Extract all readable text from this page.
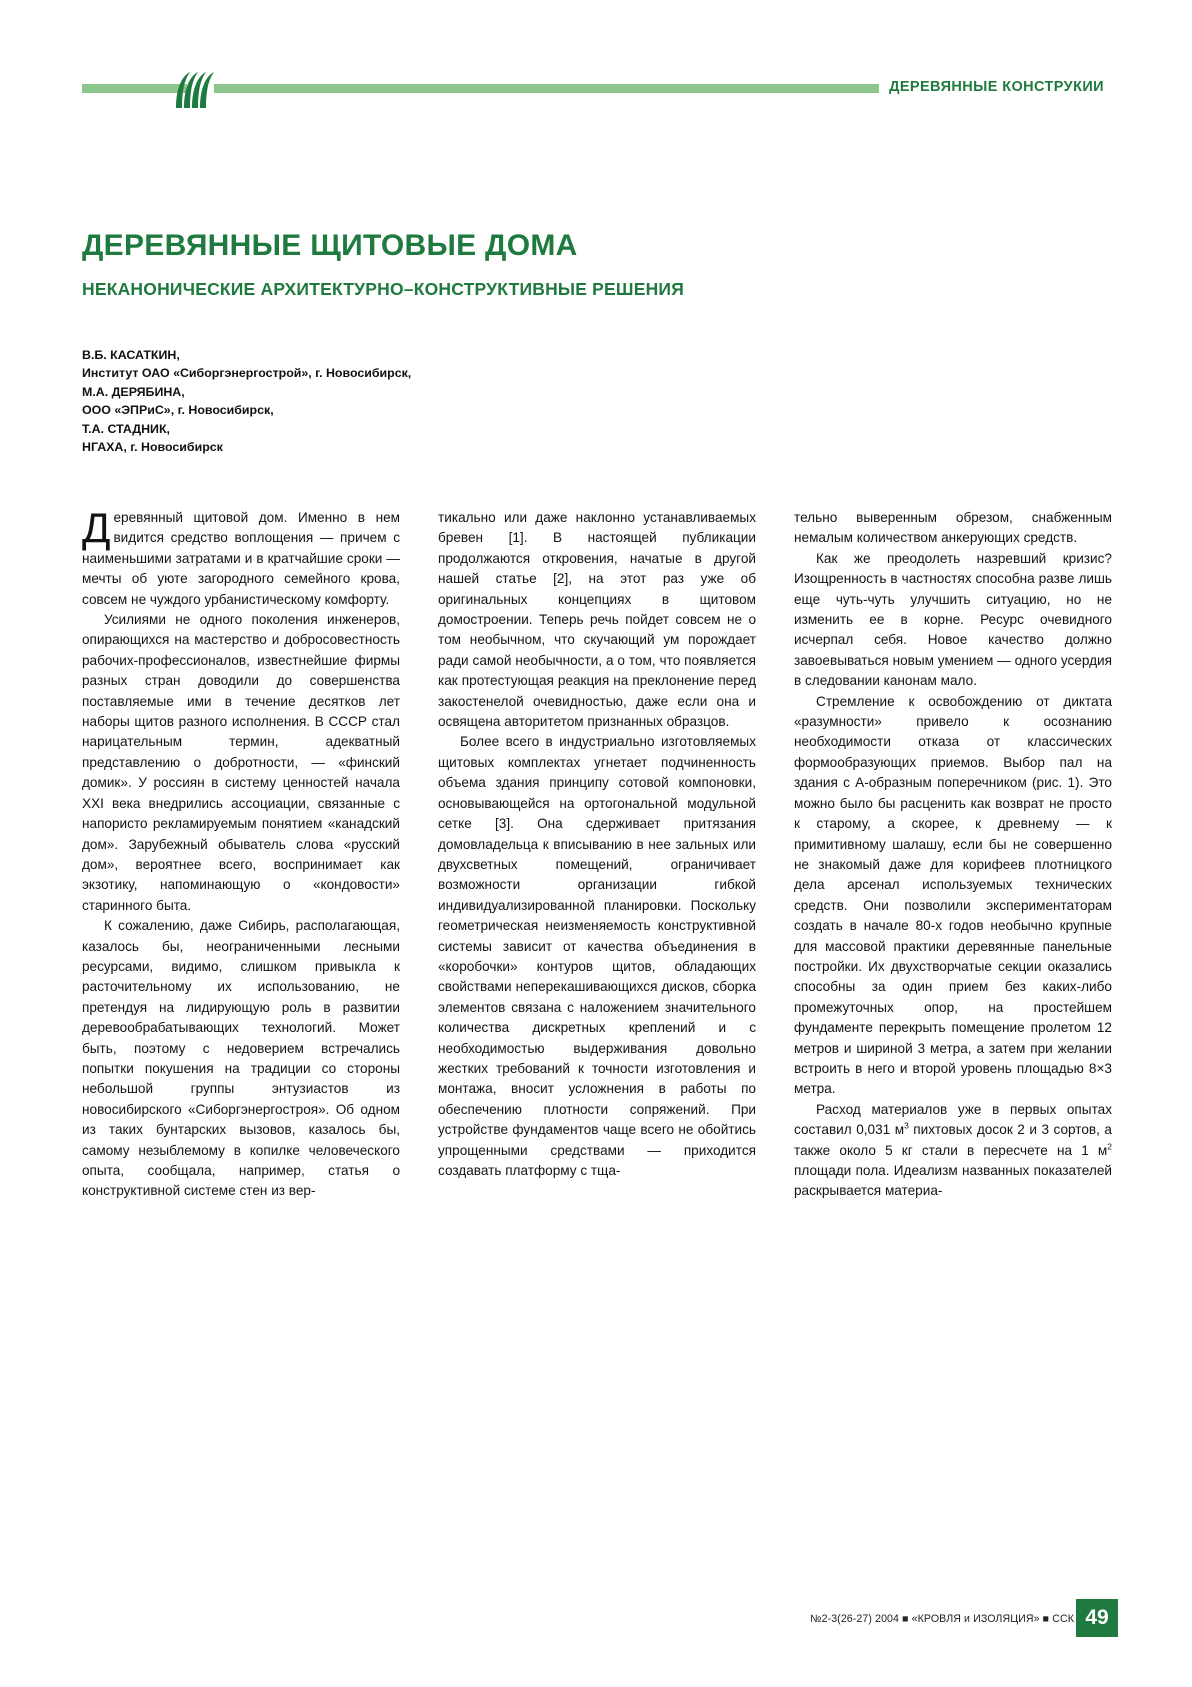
ДЕРЕВЯННЫЕ КОНСТРУКИИ
ДЕРЕВЯННЫЕ ЩИТОВЫЕ ДОМА
НЕКАНОНИЧЕСКИЕ АРХИТЕКТУРНО–КОНСТРУКТИВНЫЕ РЕШЕНИЯ
В.Б. КАСАТКИН,
Институт ОАО «Сиборгэнергострой», г. Новосибирск,
М.А. ДЕРЯБИНА,
ООО «ЭПРиС», г. Новосибирск,
Т.А. СТАДНИК,
НГАХА, г. Новосибирск

Деревянный щитовой дом. Именно в нем видится средство воплощения — причем с наименьшими затратами и в кратчайшие сроки — мечты об уюте загородного семейного крова, совсем не чуждого урбанистическому комфорту.

Усилиями не одного поколения инженеров, опирающихся на мастерство и добросовестность рабочих-профессионалов, известнейшие фирмы разных стран доводили до совершенства поставляемые ими в течение десятков лет наборы щитов разного исполнения. В СССР стал нарицательным термин, адекватный представлению о добротности, — «финский домик». У россиян в систему ценностей начала XXI века внедрились ассоциации, связанные с напористо рекламируемым понятием «канадский дом». Зарубежный обыватель слова «русский дом», вероятнее всего, воспринимает как экзотику, напоминающую о «кондовости» старинного быта.

К сожалению, даже Сибирь, располагающая, казалось бы, неограниченными лесными ресурсами, видимо, слишком привыкла к расточительному их использованию, не претендуя на лидирующую роль в развитии деревообрабатывающих технологий. Может быть, поэтому с недоверием встречались попытки покушения на традиции со стороны небольшой группы энтузиастов из новосибирского «Сиборгэнергостроя». Об одном из таких бунтарских вызовов, казалось бы, самому незыблемому в копилке человеческого опыта, сообщала, например, статья о конструктивной системе стен из вер-

тикально или даже наклонно устанавливаемых бревен [1]. В настоящей публикации продолжаются откровения, начатые в другой нашей статье [2], на этот раз уже об оригинальных концепциях в щитовом домостроении. Теперь речь пойдет совсем не о том необычном, что скучающий ум порождает ради самой необычности, а о том, что появляется как протестующая реакция на преклонение перед закостенелой очевидностью, даже если она и освящена авторитетом признанных образцов.

Более всего в индустриально изготовляемых щитовых комплектах угнетает подчиненность объема здания принципу сотовой компоновки, основывающейся на ортогональной модульной сетке [3]. Она сдерживает притязания домовладельца к вписыванию в нее зальных или двухсветных помещений, ограничивает возможности организации гибкой индивидуализированной планировки. Поскольку геометрическая неизменяемость конструктивной системы зависит от качества объединения в «коробочки» контуров щитов, обладающих свойствами неперекашивающихся дисков, сборка элементов связана с наложением значительного количества дискретных креплений и с необходимостью выдерживания довольно жестких требований к точности изготовления и монтажа, вносит усложнения в работы по обеспечению плотности сопряжений. При устройстве фундаментов чаще всего не обойтись упрощенными средствами — приходится создавать платформу с тща-

тельно выверенным обрезом, снабженным немалым количеством анкерующих средств.

Как же преодолеть назревший кризис? Изощренность в частностях способна разве лишь еще чуть-чуть улучшить ситуацию, но не изменить ее в корне. Ресурс очевидного исчерпал себя. Новое качество должно завоевываться новым умением — одного усердия в следовании канонам мало.

Стремление к освобождению от диктата «разумности» привело к осознанию необходимости отказа от классических формообразующих приемов. Выбор пал на здания с А-образным поперечником (рис. 1). Это можно было бы расценить как возврат не просто к старому, а скорее, к древнему — к примитивному шалашу, если бы не совершенно не знакомый даже для корифеев плотницкого дела арсенал используемых технических средств. Они позволили экспериментаторам создать в начале 80-х годов необычно крупные для массовой практики деревянные панельные постройки. Их двухстворчатые секции оказались способны за один прием без каких-либо промежуточных опор, на простейшем фундаменте перекрыть помещение пролетом 12 метров и шириной 3 метра, а затем при желании встроить в него и второй уровень площадью 8×3 метра.

Расход материалов уже в первых опытах составил 0,031 $м^3$ пихтовых досок 2 и 3 сортов, а также около 5 кг стали в пересчете на 1 $м^2$ площади пола. Идеализм названных показателей раскрывается материа-

№2-3(26-27) 2004 ■ «КРОВЛЯ и ИЗОЛЯЦИЯ» ■ ССК 49
